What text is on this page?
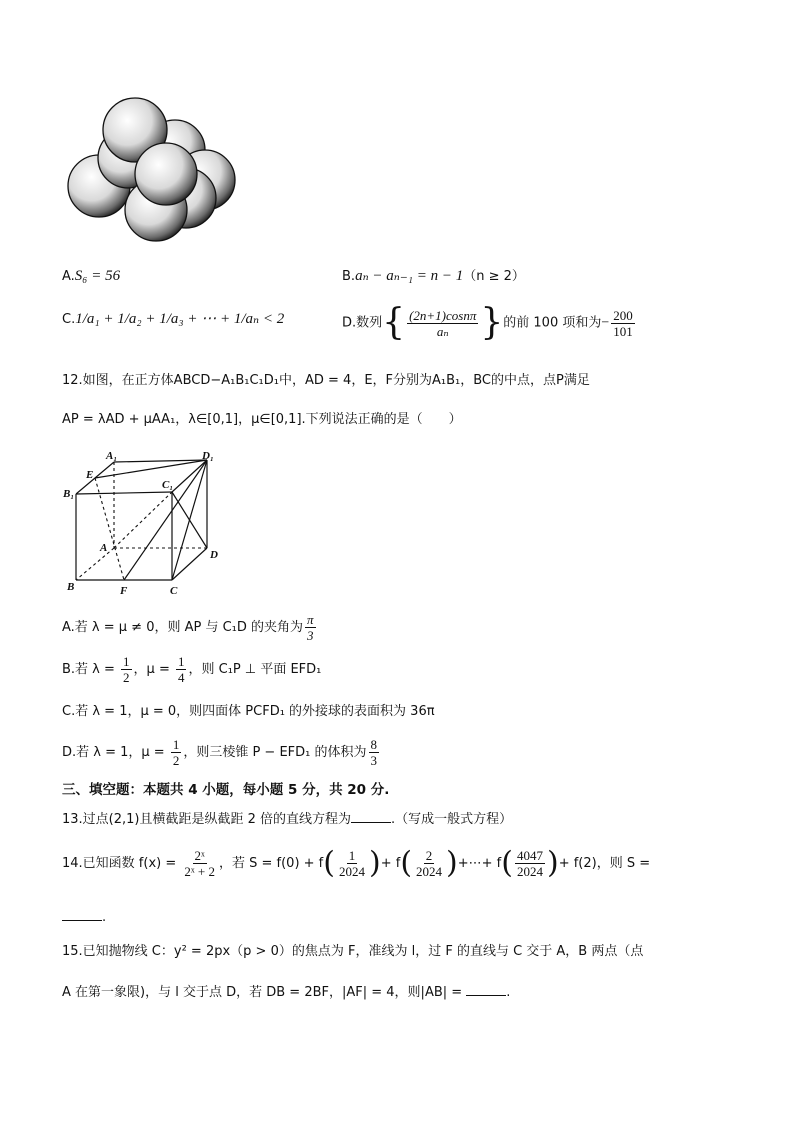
A.S₆ = 56	B.aₙ − aₙ₋₁ = n − 1（n ≥ 2）
C.1/a₁ + 1/a₂ + 1/a₃ + ⋯ + 1/aₙ < 2	D.数列{ $\frac{(2n+1)\cos n\pi}{\text{aₙ}}$ }的前 100 项和为− $\frac{200}{101}$
12.如图，在正方体ABCD−A₁B₁C₁D₁中，AD = 4，E，F分别为A₁B₁，BC的中点，点P满足
AP = λAD + μAA₁，λ∈[0,1]，μ∈[0,1].下列说法正确的是（　　）
A₁	D₁
E
C₁
B₁
A
D
B	F	C
A.若 λ = μ ≠ 0，则 AP 与 C₁D 的夹角为 $\frac{\pi}{3}$
B.若 $\lambda = \frac{1}{2}$ ，$\mu = \frac{1}{4}$ ，则 C₁P ⊥ 平面 EFD₁
C.若 λ = 1，μ = 0，则四面体 PCFD₁ 的外接球的表面积为 36π
D.若 λ = 1，$\mu = \frac{1}{2}$ ，则三棱锥 P − EFD₁ 的体积为 $\frac{8}{3}$
三、填空题：本题共 4 小题，每小题 5 分，共 20 分.
13.过点(2,1)且横截距是纵截距 2 倍的直线方程为	.（写成一般式方程）
14.已知函数 $f(x) = \frac{\text{2ˣ}}{\text{2ˣ + 2}}$ ，若 $S = f(0) + f( \frac{1}{2024}$ )+ $f( \frac{2}{2024}$ )+⋯+ $f( \frac{4047}{2024}$ )+ f(2)，则 S =
.
15.已知抛物线 C：y² = 2px（p > 0）的焦点为 F，准线为 l，过 F 的直线与 C 交于 A，B 两点（点
A 在第一象限)，与 l 交于点 D，若 DB = 2BF，|AF| = 4，则|AB| =	.
